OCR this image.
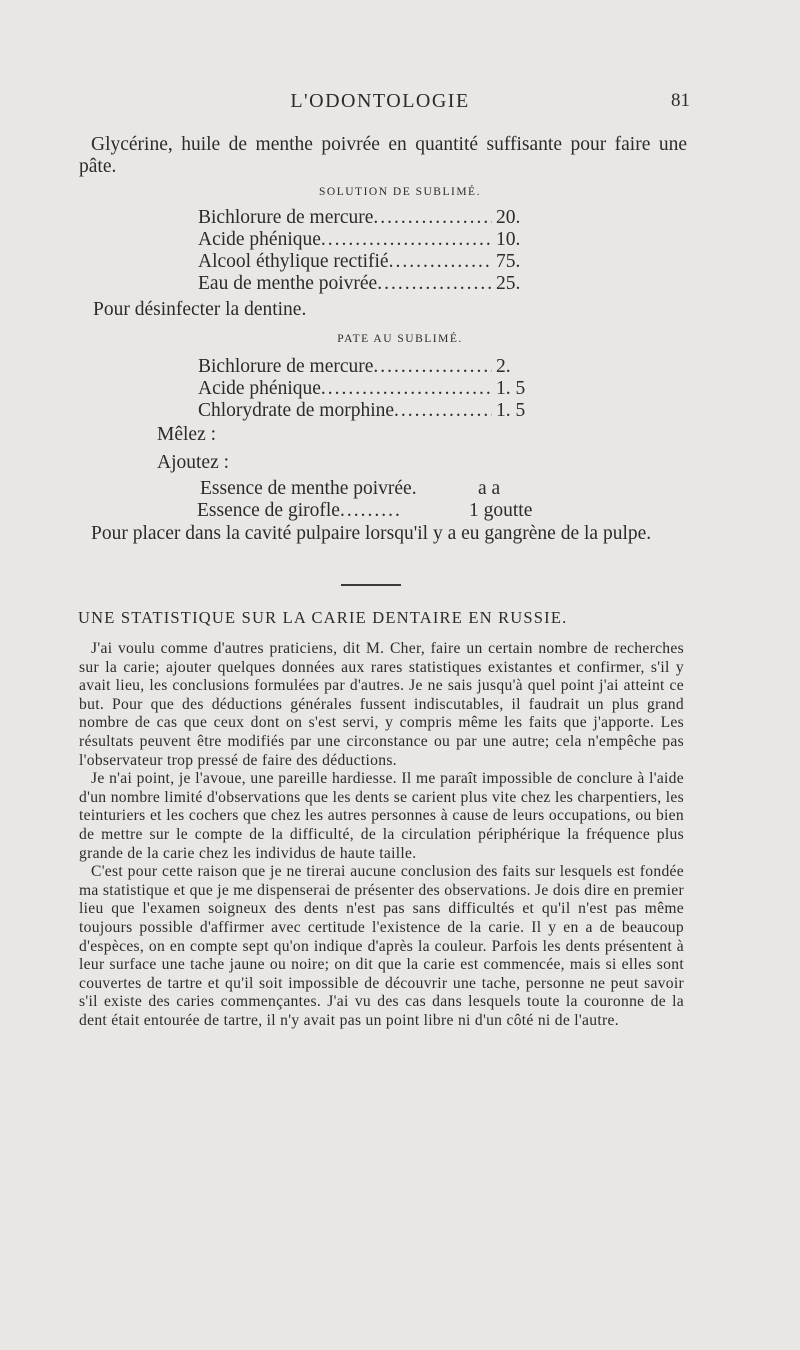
L'ODONTOLOGIE	81
Glycérine, huile de menthe poivrée en quantité suffisante pour faire une pâte.
SOLUTION DE SUBLIMÉ.
Bichlorure de mercure .....	20.
Acide phénique .....	10.
Alcool éthylique rectifié .....	75.
Eau de menthe poivrée .....	25.
Pour désinfecter la dentine.
PATE AU SUBLIMÉ.
Bichlorure de mercure .....	2.
Acide phénique .....	1. 5
Chlorydrate de morphine .....	1. 5
Mêlez :
Ajoutez :
Essence de menthe poivrée.	a a
Essence de girofle.........	1 goutte
Pour placer dans la cavité pulpaire lorsqu'il y a eu gangrène de la pulpe.
UNE STATISTIQUE SUR LA CARIE DENTAIRE EN RUSSIE.

J'ai voulu comme d'autres praticiens, dit M. Cher, faire un certain nombre de recherches sur la carie; ajouter quelques données aux rares statistiques existantes et confirmer, s'il y avait lieu, les conclusions formulées par d'autres. Je ne sais jusqu'à quel point j'ai atteint ce but. Pour que des déductions générales fussent indiscutables, il faudrait un plus grand nombre de cas que ceux dont on s'est servi, y compris même les faits que j'apporte. Les résultats peuvent être modifiés par une circonstance ou par une autre; cela n'empêche pas l'observateur trop pressé de faire des déductions.

Je n'ai point, je l'avoue, une pareille hardiesse. Il me paraît impossible de conclure à l'aide d'un nombre limité d'observations que les dents se carient plus vite chez les charpentiers, les teinturiers et les cochers que chez les autres personnes à cause de leurs occupations, ou bien de mettre sur le compte de la difficulté, de la circulation périphérique la fréquence plus grande de la carie chez les individus de haute taille.

C'est pour cette raison que je ne tirerai aucune conclusion des faits sur lesquels est fondée ma statistique et que je me dispenserai de présenter des observations. Je dois dire en premier lieu que l'examen soigneux des dents n'est pas sans difficultés et qu'il n'est pas même toujours possible d'affirmer avec certitude l'existence de la carie. Il y en a de beaucoup d'espèces, on en compte sept qu'on indique d'après la couleur. Parfois les dents présentent à leur surface une tache jaune ou noire; on dit que la carie est commencée, mais si elles sont couvertes de tartre et qu'il soit impossible de découvrir une tache, personne ne peut savoir s'il existe des caries commençantes. J'ai vu des cas dans lesquels toute la couronne de la dent était entourée de tartre, il n'y avait pas un point libre ni d'un côté ni de l'autre.
